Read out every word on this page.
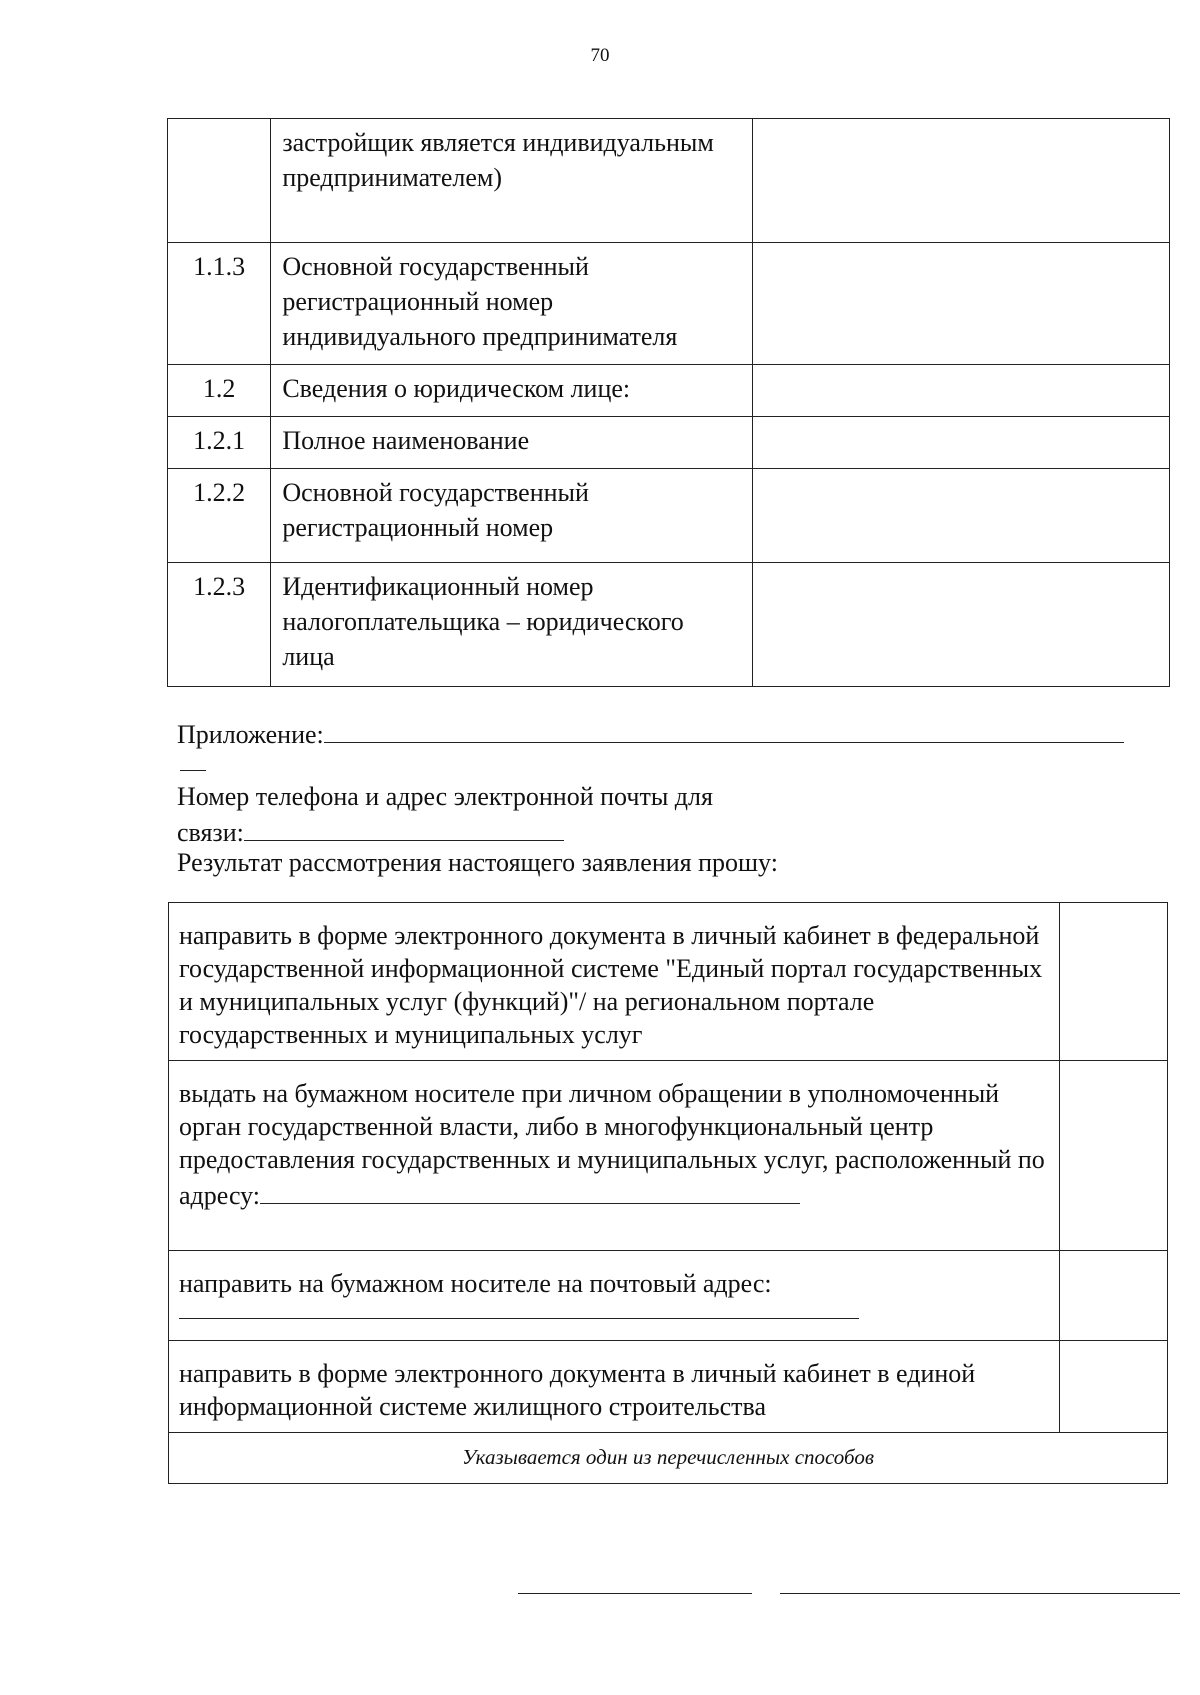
70
	застройщик является индивидуальным предпринимателем)	
1.1.3	Основной государственный регистрационный номер индивидуального предпринимателя	
1.2	Сведения о юридическом лице:	
1.2.1	Полное наименование	
1.2.2	Основной государственный регистрационный номер	
1.2.3	Идентификационный номер налогоплательщика – юридического лица	
Приложение:
Номер телефона и адрес электронной почты для
связи:
Результат рассмотрения настоящего заявления прошу:
направить в форме электронного документа в личный кабинет в федеральной государственной информационной системе "Единый портал государственных и муниципальных услуг (функций)"/ на региональном портале государственных и муниципальных услуг	

выдать на бумажном носителе при личном обращении в уполномоченный орган государственной власти, либо в многофункциональный центр предоставления государственных и муниципальных услуг, расположенный по
адресу:	

направить на бумажном носителе на почтовый адрес:	

направить в форме электронного документа в личный кабинет в единой информационной системе жилищного строительства	
Указывается один из перечисленных способов	
